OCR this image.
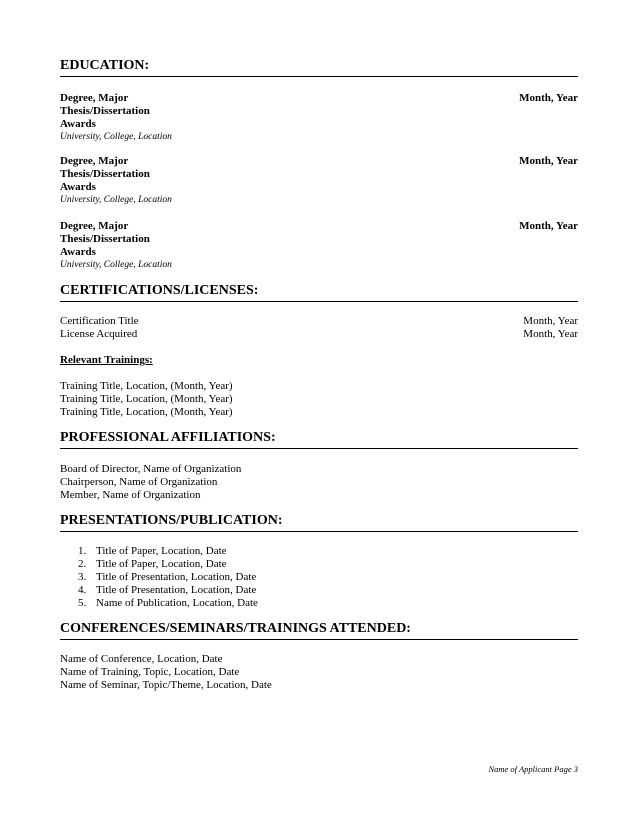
EDUCATION:
Degree, Major	Month, Year
Thesis/Dissertation
Awards
University, College, Location
Degree, Major	Month, Year
Thesis/Dissertation
Awards
University, College, Location
Degree, Major	Month, Year
Thesis/Dissertation
Awards
University, College, Location
CERTIFICATIONS/LICENSES:
Certification Title	Month, Year
License Acquired	Month, Year
Relevant Trainings:
Training Title, Location, (Month, Year)
Training Title, Location, (Month, Year)
Training Title, Location, (Month, Year)
PROFESSIONAL AFFILIATIONS:
Board of Director, Name of Organization
Chairperson, Name of Organization
Member, Name of Organization
PRESENTATIONS/PUBLICATION:
1. Title of Paper, Location, Date
2. Title of Paper, Location, Date
3. Title of Presentation, Location, Date
4. Title of Presentation, Location, Date
5. Name of Publication, Location, Date
CONFERENCES/SEMINARS/TRAININGS ATTENDED:
Name of Conference, Location, Date
Name of Training, Topic, Location, Date
Name of Seminar, Topic/Theme, Location, Date
Name of Applicant Page 3
